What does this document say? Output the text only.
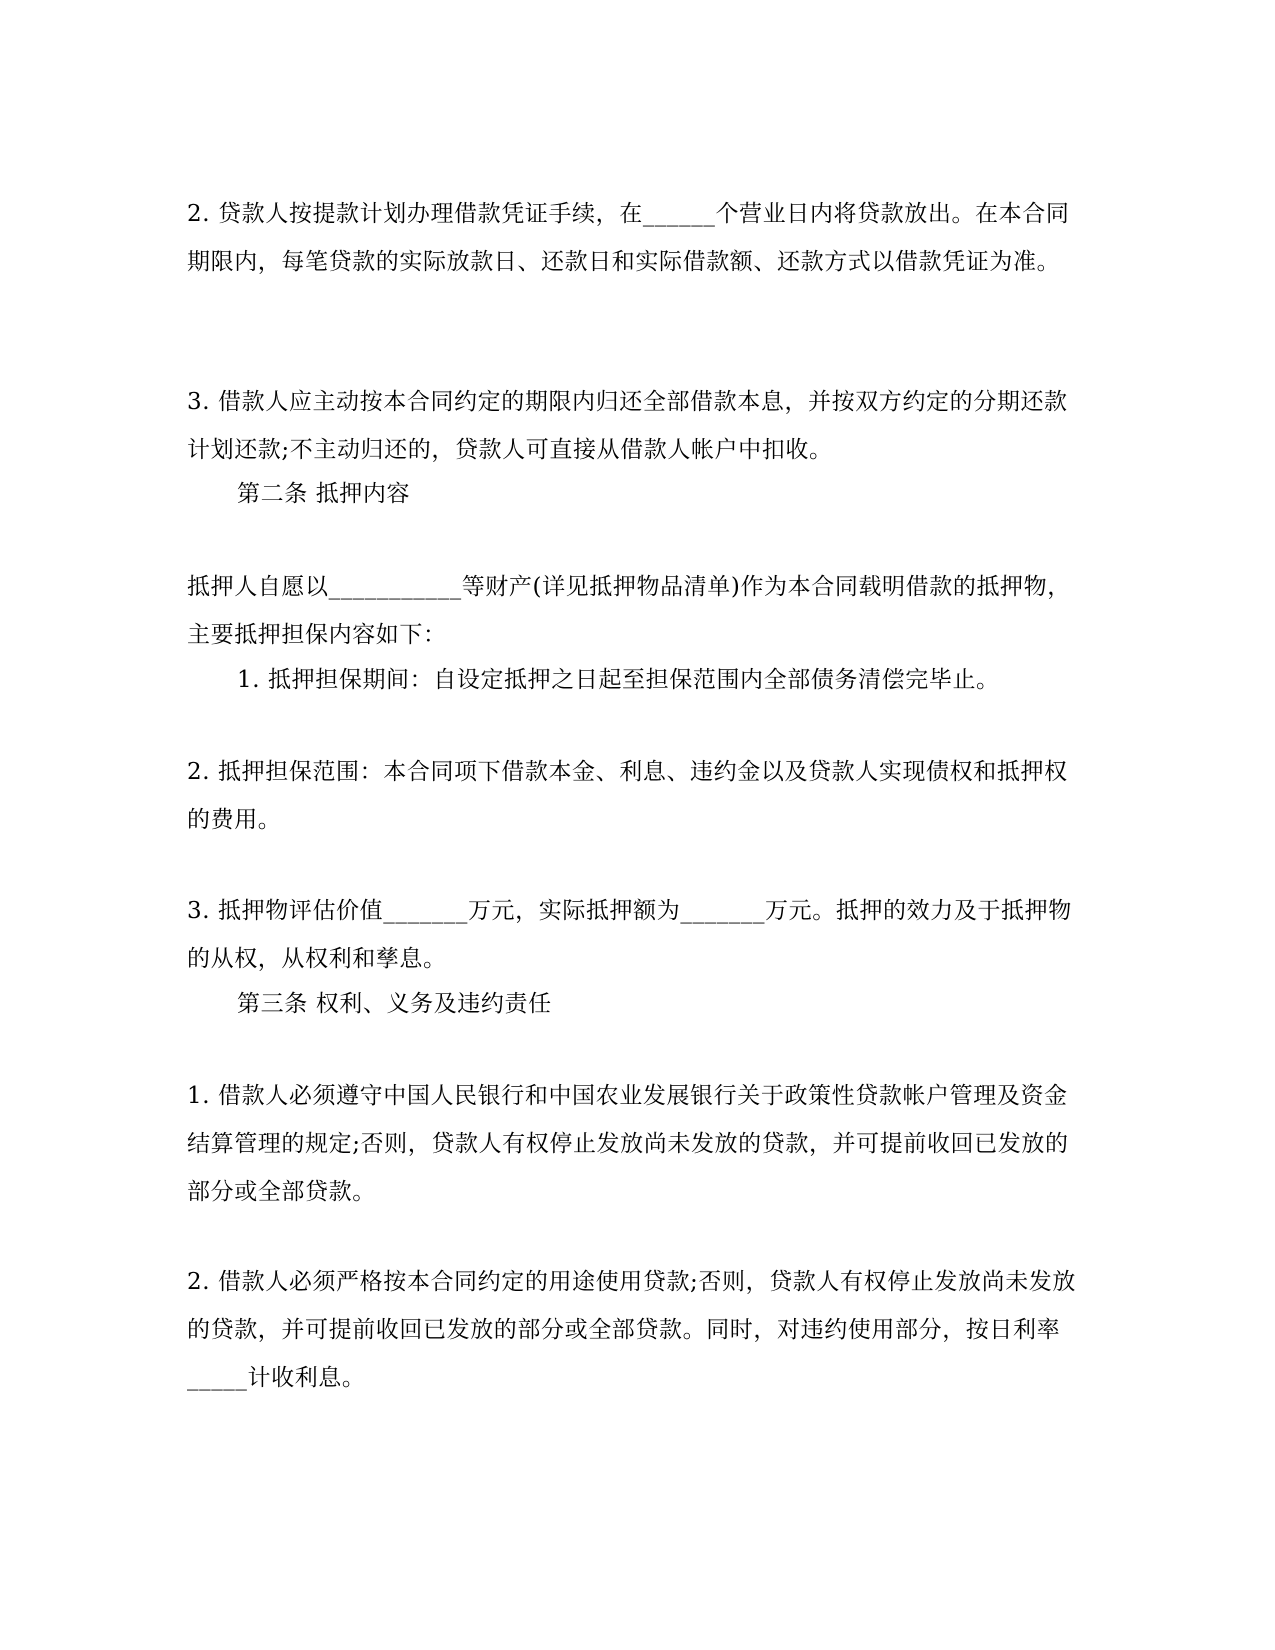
2. 贷款人按提款计划办理借款凭证手续，在______个营业日内将贷款放出。在本合同期限内，每笔贷款的实际放款日、还款日和实际借款额、还款方式以借款凭证为准。

3. 借款人应主动按本合同约定的期限内归还全部借款本息，并按双方约定的分期还款计划还款;不主动归还的，贷款人可直接从借款人帐户中扣收。

第二条 抵押内容

抵押人自愿以___________等财产(详见抵押物品清单)作为本合同载明借款的抵押物，主要抵押担保内容如下：

1. 抵押担保期间：自设定抵押之日起至担保范围内全部债务清偿完毕止。

2. 抵押担保范围：本合同项下借款本金、利息、违约金以及贷款人实现债权和抵押权的费用。

3. 抵押物评估价值_______万元，实际抵押额为_______万元。抵押的效力及于抵押物的从权，从权利和孳息。

第三条 权利、义务及违约责任

1. 借款人必须遵守中国人民银行和中国农业发展银行关于政策性贷款帐户管理及资金结算管理的规定;否则，贷款人有权停止发放尚未发放的贷款，并可提前收回已发放的部分或全部贷款。

2. 借款人必须严格按本合同约定的用途使用贷款;否则，贷款人有权停止发放尚未发放的贷款，并可提前收回已发放的部分或全部贷款。同时，对违约使用部分，按日利率_____计收利息。
